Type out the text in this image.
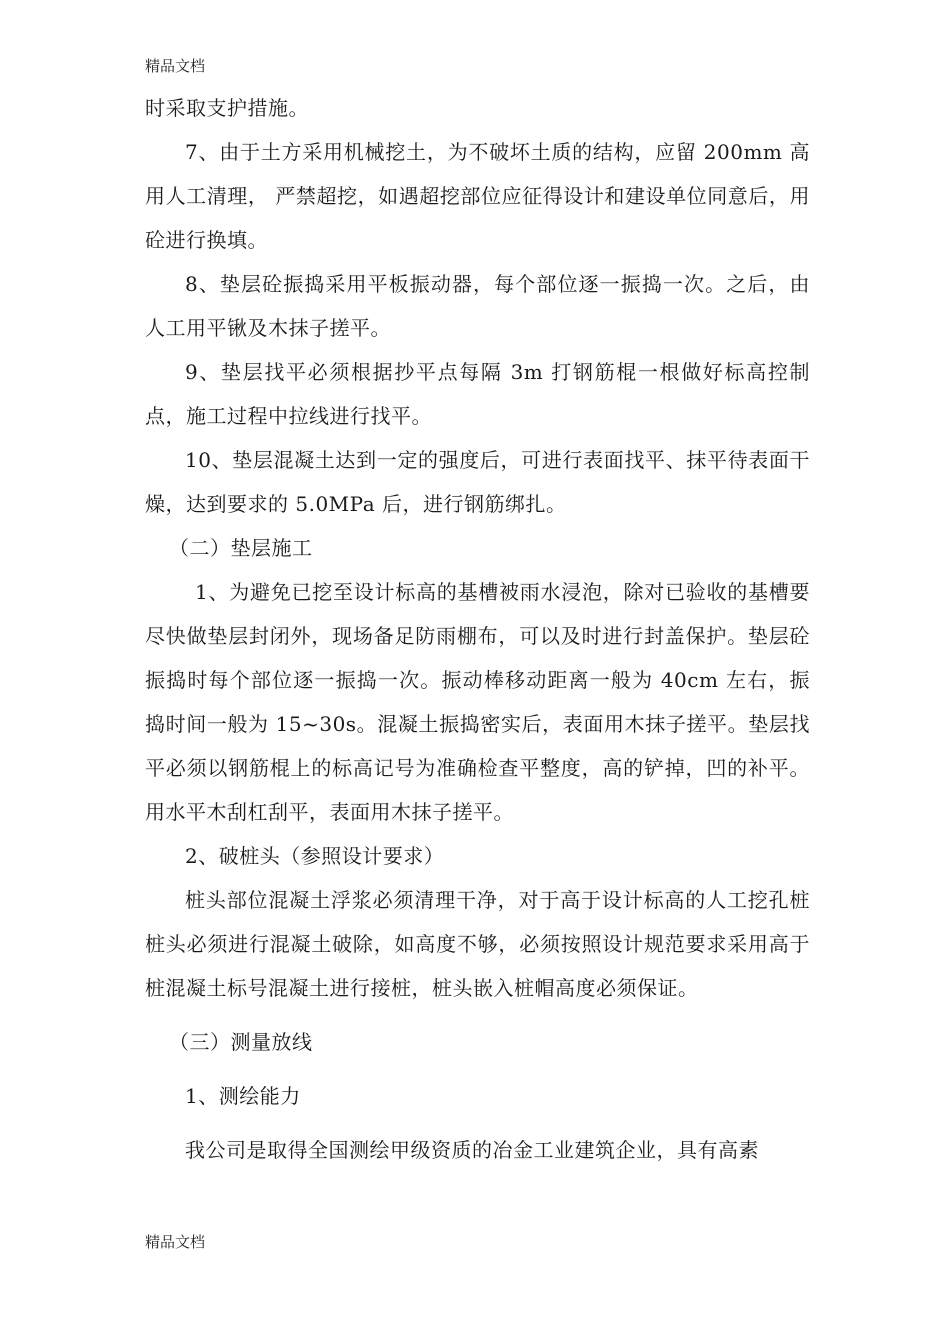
精品文档

时采取支护措施。

7、由于土方采用机械挖土，为不破坏土质的结构，应留 200mm 高用人工清理， 严禁超挖，如遇超挖部位应征得设计和建设单位同意后，用砼进行换填。

8、垫层砼振捣采用平板振动器，每个部位逐一振捣一次。之后，由人工用平锹及木抹子搓平。

9、垫层找平必须根据抄平点每隔 3m 打钢筋棍一根做好标高控制点，施工过程中拉线进行找平。

10、垫层混凝土达到一定的强度后，可进行表面找平、抹平待表面干燥，达到要求的 5.0MPa 后，进行钢筋绑扎。

（二）垫层施工

1、为避免已挖至设计标高的基槽被雨水浸泡，除对已验收的基槽要尽快做垫层封闭外，现场备足防雨棚布，可以及时进行封盖保护。垫层砼振捣时每个部位逐一振捣一次。振动棒移动距离一般为 40cm 左右，振捣时间一般为 15~30s。混凝土振捣密实后，表面用木抹子搓平。垫层找平必须以钢筋棍上的标高记号为准确检查平整度，高的铲掉，凹的补平。用水平木刮杠刮平，表面用木抹子搓平。

2、破桩头（参照设计要求）

桩头部位混凝土浮浆必须清理干净，对于高于设计标高的人工挖孔桩桩头必须进行混凝土破除，如高度不够，必须按照设计规范要求采用高于桩混凝土标号混凝土进行接桩，桩头嵌入桩帽高度必须保证。

（三）测量放线

1、测绘能力

我公司是取得全国测绘甲级资质的冶金工业建筑企业，具有高素

精品文档
